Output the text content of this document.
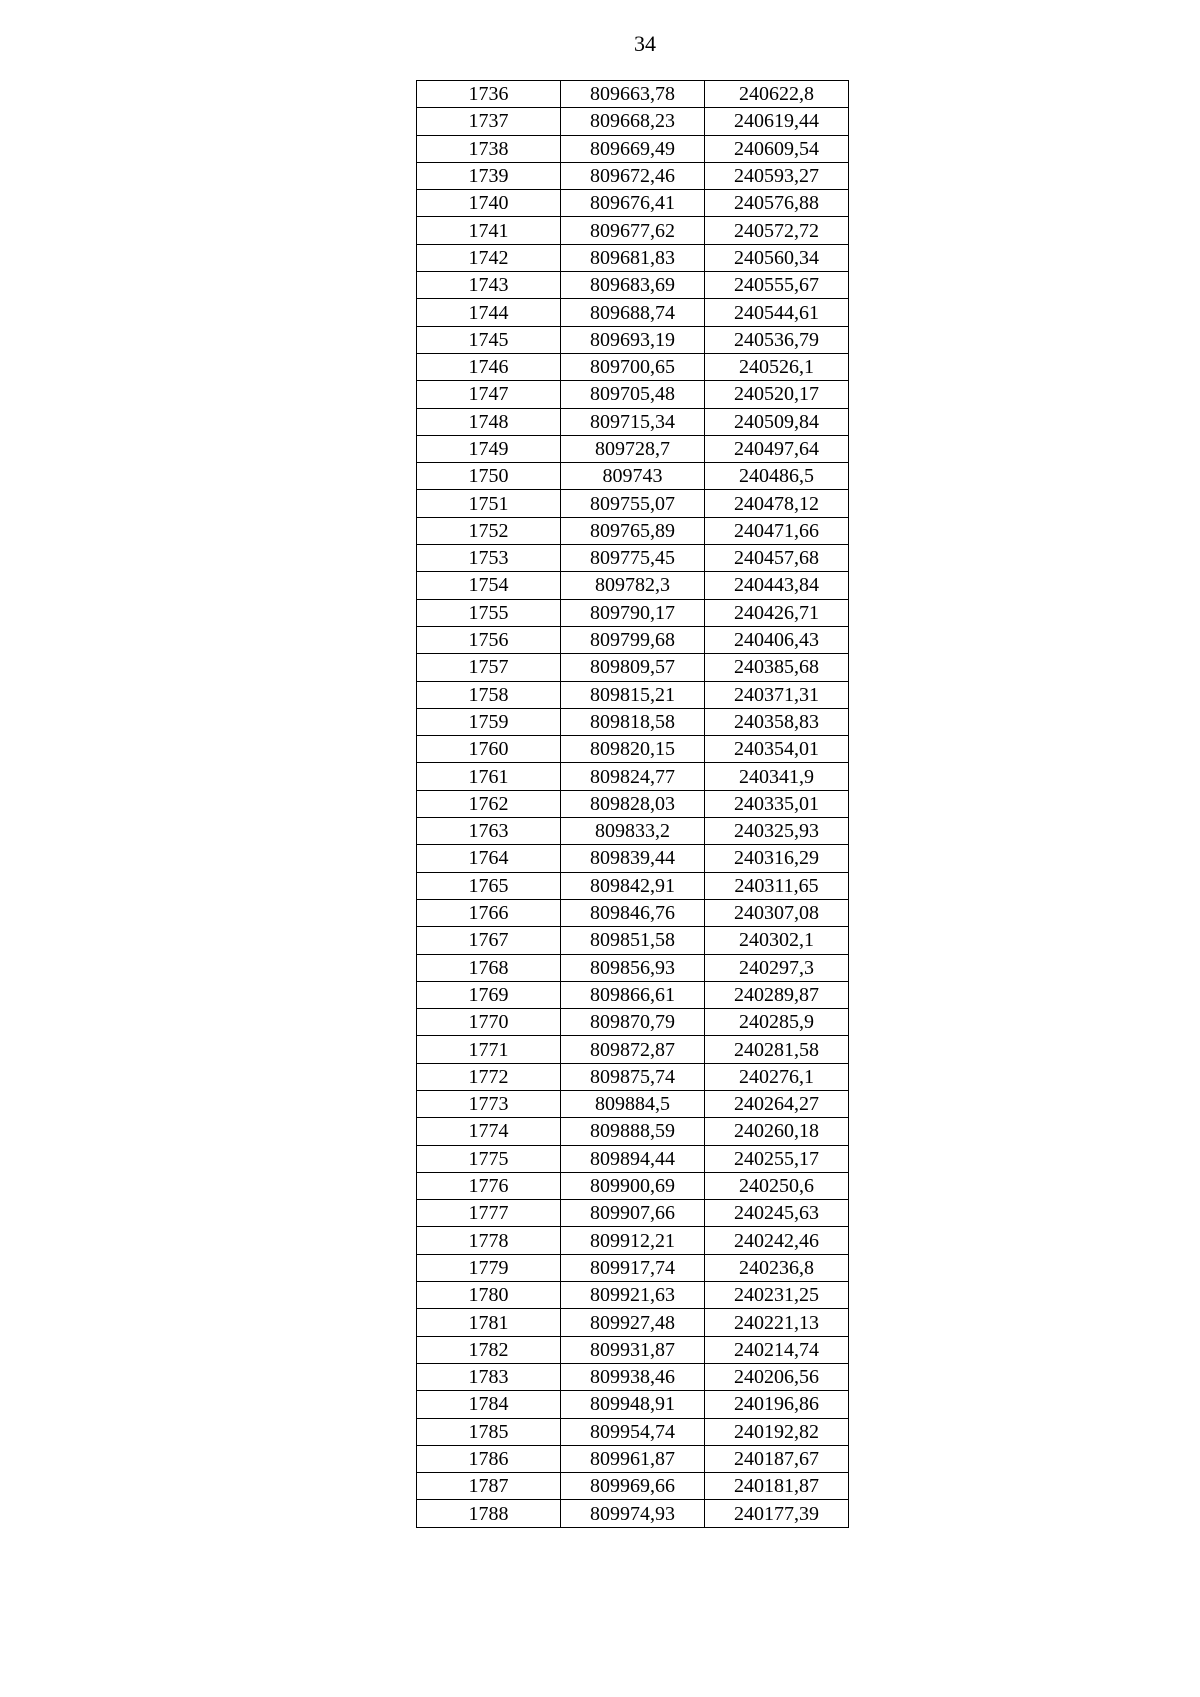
34
1736	809663,78	240622,8
1737	809668,23	240619,44
1738	809669,49	240609,54
1739	809672,46	240593,27
1740	809676,41	240576,88
1741	809677,62	240572,72
1742	809681,83	240560,34
1743	809683,69	240555,67
1744	809688,74	240544,61
1745	809693,19	240536,79
1746	809700,65	240526,1
1747	809705,48	240520,17
1748	809715,34	240509,84
1749	809728,7	240497,64
1750	809743	240486,5
1751	809755,07	240478,12
1752	809765,89	240471,66
1753	809775,45	240457,68
1754	809782,3	240443,84
1755	809790,17	240426,71
1756	809799,68	240406,43
1757	809809,57	240385,68
1758	809815,21	240371,31
1759	809818,58	240358,83
1760	809820,15	240354,01
1761	809824,77	240341,9
1762	809828,03	240335,01
1763	809833,2	240325,93
1764	809839,44	240316,29
1765	809842,91	240311,65
1766	809846,76	240307,08
1767	809851,58	240302,1
1768	809856,93	240297,3
1769	809866,61	240289,87
1770	809870,79	240285,9
1771	809872,87	240281,58
1772	809875,74	240276,1
1773	809884,5	240264,27
1774	809888,59	240260,18
1775	809894,44	240255,17
1776	809900,69	240250,6
1777	809907,66	240245,63
1778	809912,21	240242,46
1779	809917,74	240236,8
1780	809921,63	240231,25
1781	809927,48	240221,13
1782	809931,87	240214,74
1783	809938,46	240206,56
1784	809948,91	240196,86
1785	809954,74	240192,82
1786	809961,87	240187,67
1787	809969,66	240181,87
1788	809974,93	240177,39
